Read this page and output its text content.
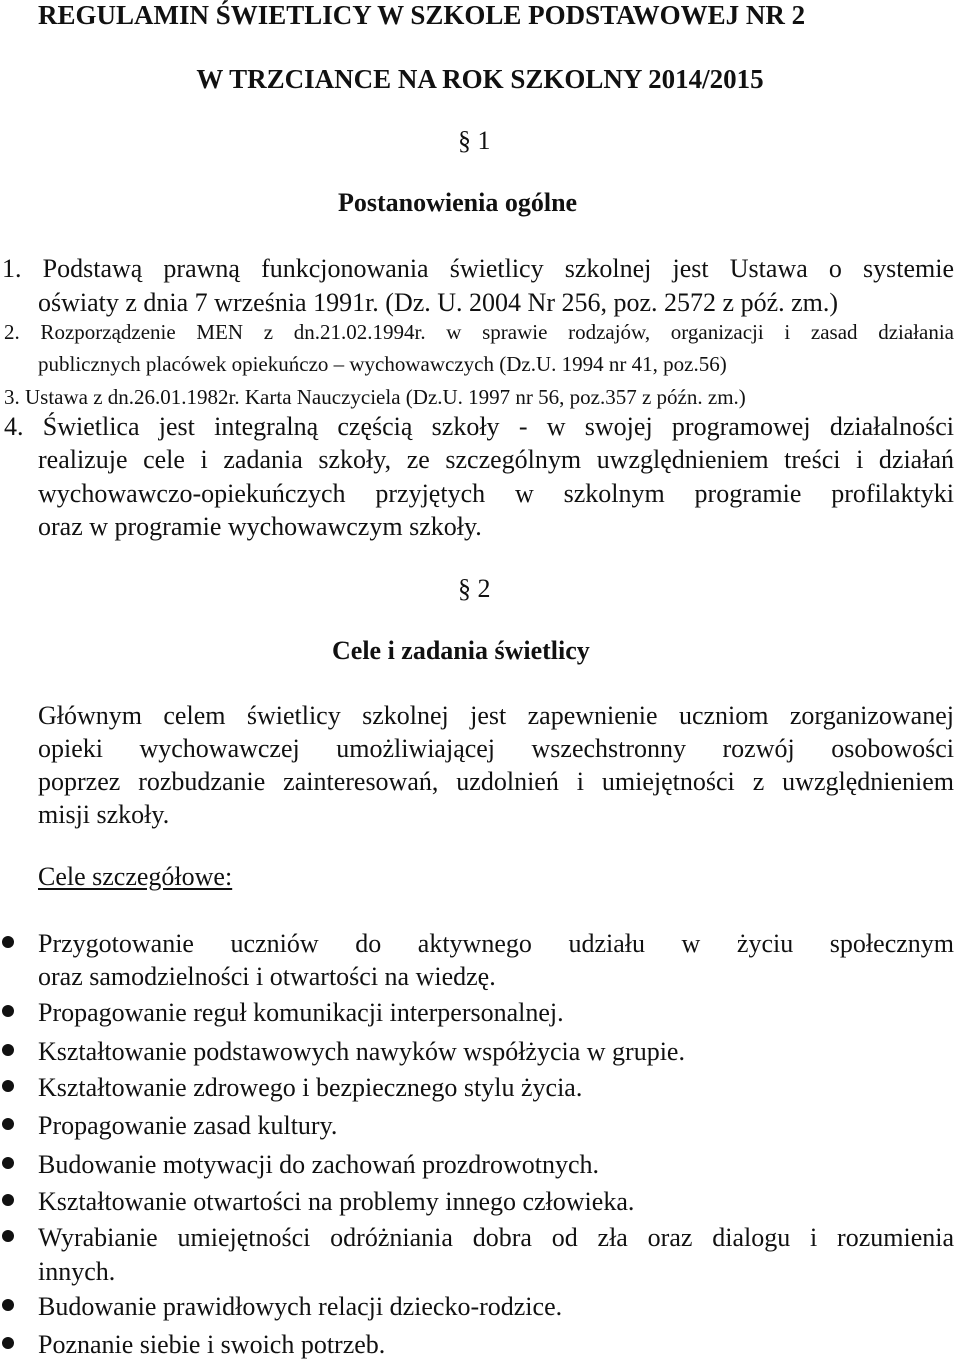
REGULAMIN ŚWIETLICY W SZKOLE PODSTAWOWEJ NR 2
W TRZCIANCE NA ROK SZKOLNY 2014/2015
§ 1
Postanowienia ogólne
1. Podstawą prawną funkcjonowania świetlicy szkolnej jest Ustawa o systemie
oświaty z dnia 7 września 1991r. (Dz. U. 2004 Nr 256, poz. 2572 z póź. zm.)
2. Rozporządzenie MEN z dn.21.02.1994r. w sprawie rodzajów, organizacji i zasad działania
publicznych placówek opiekuńczo – wychowawczych (Dz.U. 1994 nr 41, poz.56)
3. Ustawa z dn.26.01.1982r. Karta Nauczyciela (Dz.U. 1997 nr 56, poz.357 z późn. zm.)
4. Świetlica jest integralną częścią szkoły - w swojej programowej działalności
realizuje cele i zadania szkoły, ze szczególnym uwzględnieniem treści i działań
wychowawczo-opiekuńczych przyjętych w szkolnym programie profilaktyki
oraz w programie wychowawczym szkoły.
§ 2
Cele i zadania świetlicy
Głównym celem świetlicy szkolnej jest zapewnienie uczniom zorganizowanej
opieki wychowawczej umożliwiającej wszechstronny rozwój osobowości
poprzez rozbudzanie zainteresowań, uzdolnień i umiejętności z uwzględnieniem
misji szkoły.
Cele szczegółowe:
Przygotowanie uczniów do aktywnego udziału w życiu społecznym
oraz samodzielności i otwartości na wiedzę.
Propagowanie reguł komunikacji interpersonalnej.
Kształtowanie podstawowych nawyków współżycia w grupie.
Kształtowanie zdrowego i bezpiecznego stylu życia.
Propagowanie zasad kultury.
Budowanie motywacji do zachowań prozdrowotnych.
Kształtowanie otwartości na problemy innego człowieka.
Wyrabianie umiejętności odróżniania dobra od zła oraz dialogu i rozumienia
innych.
Budowanie prawidłowych relacji dziecko-rodzice.
Poznanie siebie i swoich potrzeb.
